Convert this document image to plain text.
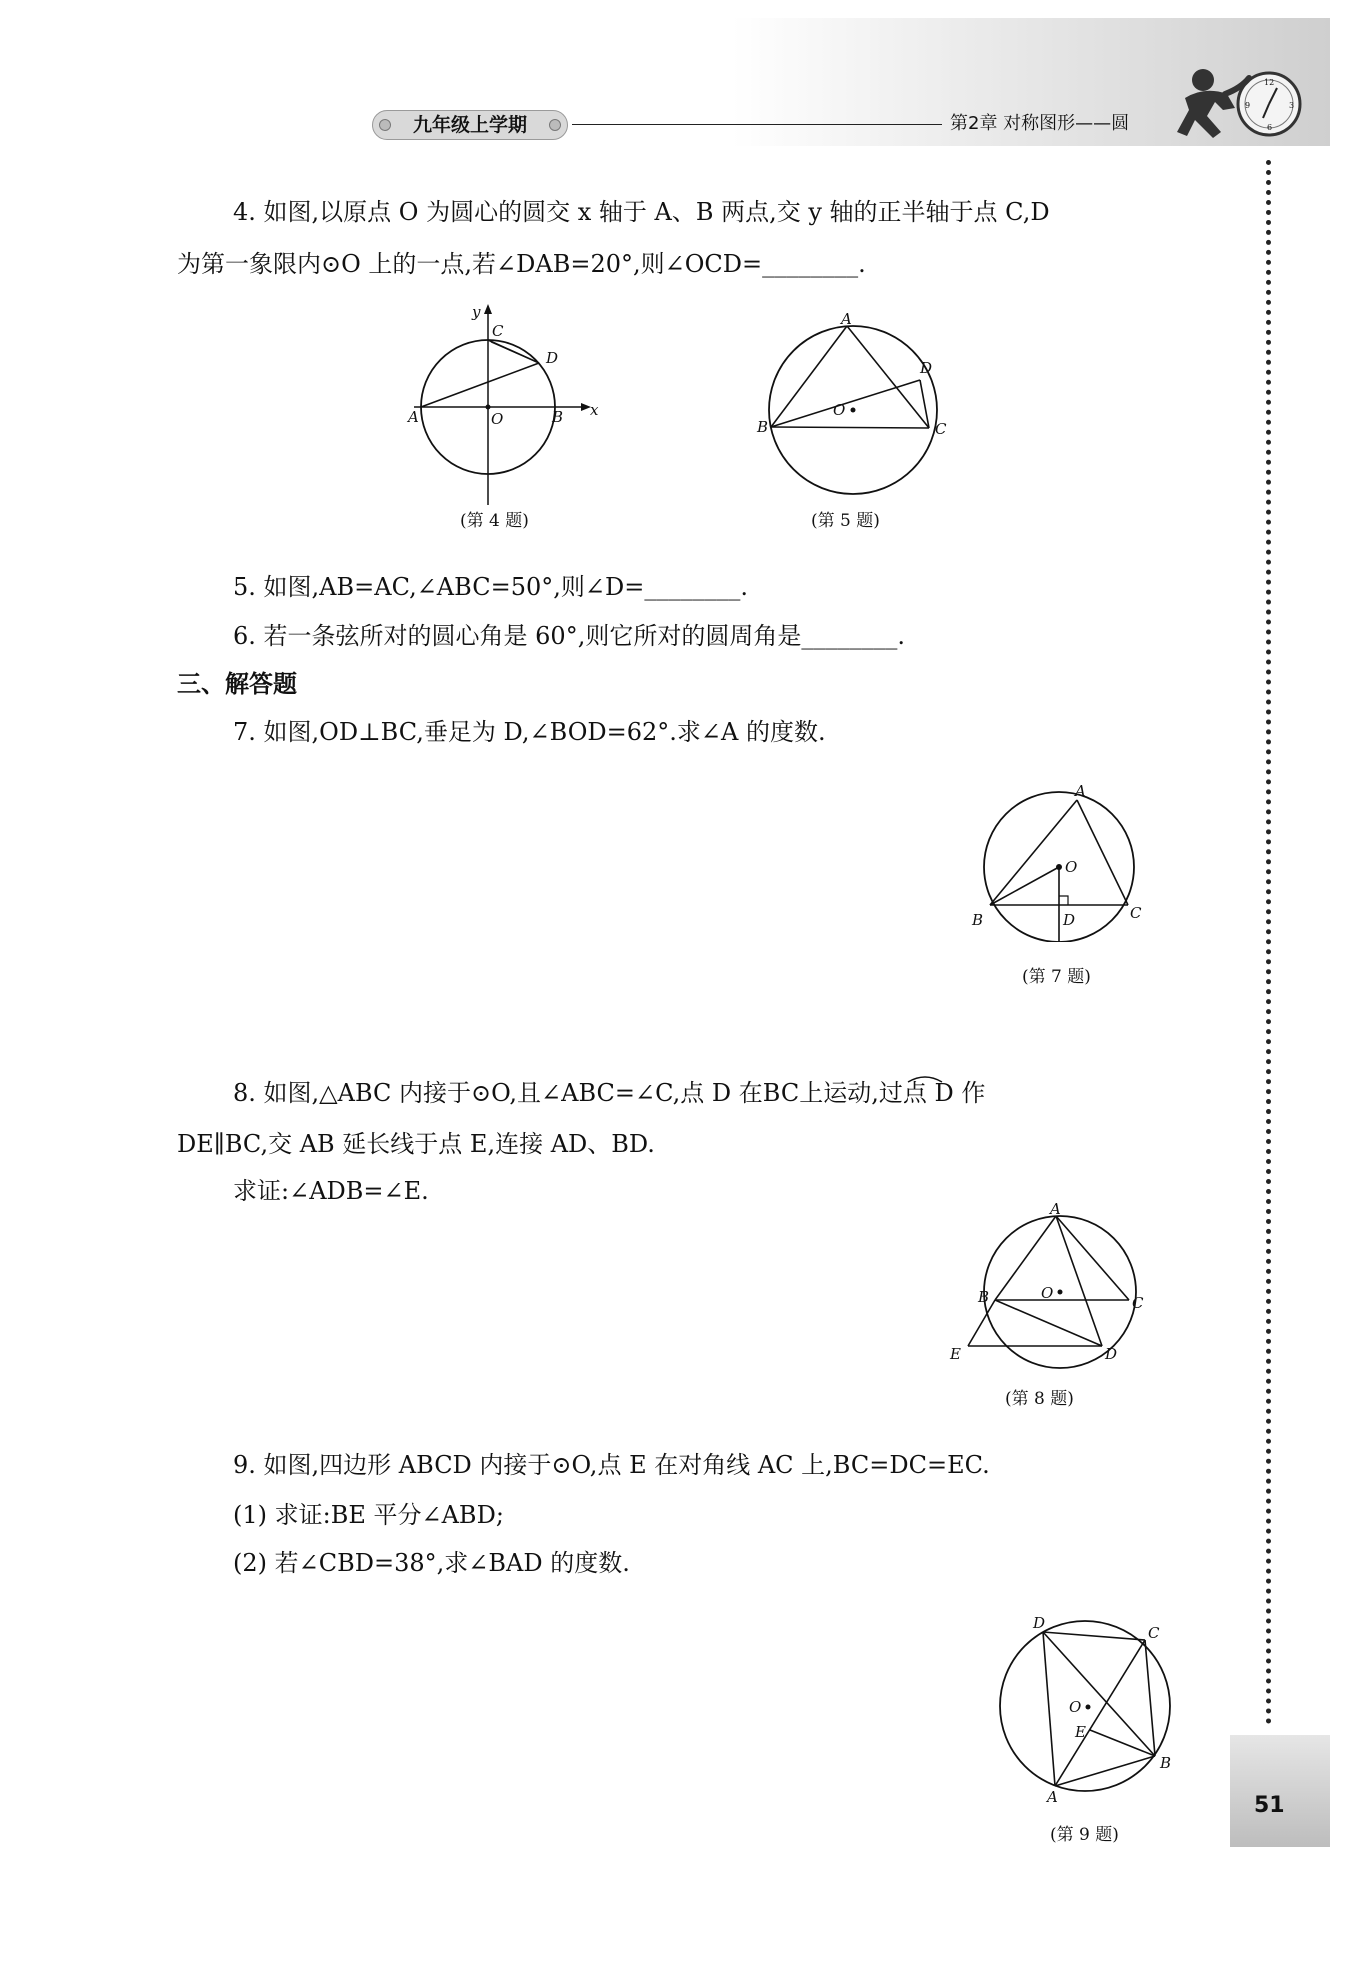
九年级上学期	第2章 对称图形——圆
12
3
6
9
51
4. 如图,以原点 O 为圆心的圆交 x 轴于 A、B 两点,交 y 轴的正半轴于点 C,D
为第一象限内⊙O 上的一点,若∠DAB=20°,则∠OCD=________.
y
x
A	B
C
D
O
(第 4 题)
A
B	C
D
O
(第 5 题)
5. 如图,AB=AC,∠ABC=50°,则∠D=________.
6. 若一条弦所对的圆心角是 60°,则它所对的圆周角是________.
三、解答题
7. 如图,OD⊥BC,垂足为 D,∠BOD=62°.求∠A 的度数.
A
B	C
D
O
(第 7 题)
8. 如图,△ABC 内接于⊙O,且∠ABC=∠C,点 D 在BC上运动,过点 D 作
DE∥BC,交 AB 延长线于点 E,连接 AD、BD.
求证:∠ADB=∠E.
A
B	C
D
E
O
(第 8 题)
9. 如图,四边形 ABCD 内接于⊙O,点 E 在对角线 AC 上,BC=DC=EC.
(1) 求证:BE 平分∠ABD;
(2) 若∠CBD=38°,求∠BAD 的度数.
D
C
B
A
E
O
(第 9 题)
